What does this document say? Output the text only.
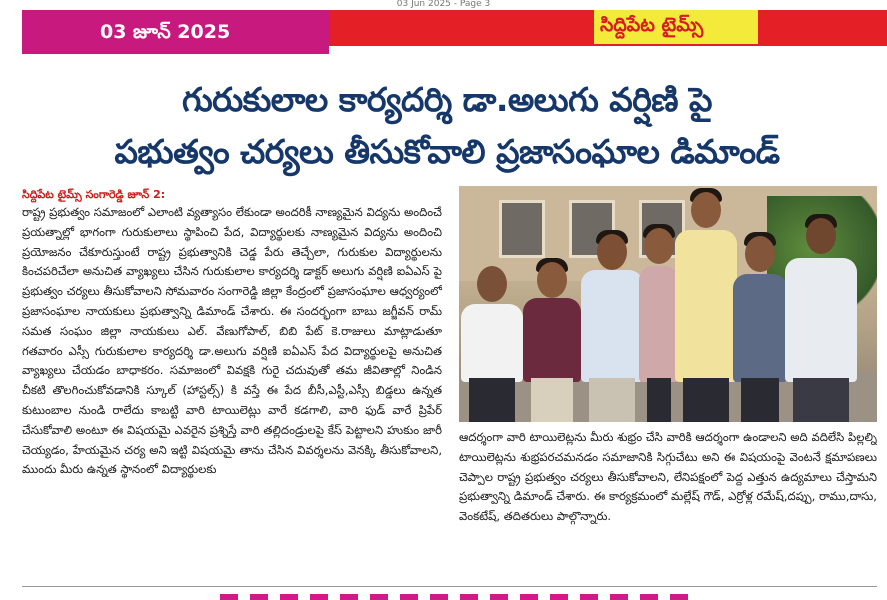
03 Jun 2025 - Page 3
03 జూన్ 2025	సిద్దిపేట టైమ్స్
గురుకులాల కార్యదర్శి డా.అలుగు వర్షిణి పై
పభుత్వం చర్యలు తీసుకోవాలి ప్రజాసంఘాల డిమాండ్
సిద్దిపేట టైమ్స్ సంగారెడ్డి జూన్ 2:

రాష్ట్ర ప్రభుత్వం సమాజంలో ఎలాంటి వ్యత్యాసం లేకుండా అందరికీ నాణ్యమైన విద్యను అందించే ప్రయత్నాల్లో భాగంగా గురుకులాలు స్థాపించి పేద, విద్యార్థులకు నాణ్యమైన విద్యను అందించి ప్రయోజనం చేకూరుస్తుంటే రాష్ట్ర ప్రభుత్వానికి చెడ్డ పేరు తెచ్చేలా, గురుకుల విద్యార్థులను కించపరిచేలా అనుచిత వ్యాఖ్యలు చేసిన గురుకులాల కార్యదర్శి డాక్టర్ అలుగు వర్షిణి ఐఏఎస్ పై ప్రభుత్వం చర్యలు తీసుకోవాలని సోమవారం సంగారెడ్డి జిల్లా కేంద్రంలో ప్రజాసంఘాల ఆధ్వర్యంలో ప్రజాసంఘాల నాయకులు ప్రభుత్వాన్ని డిమాండ్ చేశారు. ఈ సందర్భంగా బాబు జగ్జీవన్ రామ్ సమత సంఘం జిల్లా నాయకులు ఎల్. వేణుగోపాల్, బిబి పేట్ కె.రాజులు మాట్లాడుతూ గతవారం ఎస్సీ గురుకులాల కార్యదర్శి డా.అలుగు వర్షిణి ఐఏఎస్ పేద విద్యార్థులపై అనుచిత వ్యాఖ్యలు చేయడం బాధాకరం. సమాజంలో వివక్షకి గురై చదువుతో తమ జీవితాల్లో నిండిన చీకటి తొలగించుకోవడానికి స్కూల్ (హాస్టల్స్) కి వస్తే ఈ పేద బీసీ,ఎస్టీ,ఎస్సీ బిడ్డలు ఉన్నత కుటుంబాల నుండి రాలేదు కాబట్టి వారి టాయిలెట్లు వారే కడగాలి, వారి ఫుడ్ వారే ప్రిపేర్ చేసుకోవాలి అంటూ ఈ విషయమై ఎవరైన ప్రశ్నిస్తే వారి తల్లిదండ్రులపై కేస్ పెట్టాలని హుకుం జారీ చెయ్యడం, హేయమైన చర్య అని ఇట్టి విషయమై తాను చేసిన వివర్శలను వెనక్కి తీసుకోవాలని, ముందు మీరు ఉన్నత స్థానంలో విద్యార్థులకు

ఆదర్శంగా వారి టాయిలెట్లను మీరు శుభ్రం చేసి వారికి ఆదర్శంగా ఉండాలని అది వదిలేసి పిల్లల్ని టాయిలెట్లను శుభ్రపరచమనడం సమాజానికి సిగ్గుచేటు అని ఈ విషయంపై వెంటనే క్షమాపణలు చెప్పాల రాష్ట్ర ప్రభుత్వం చర్యలు తీసుకోవాలని, లేనిపక్షంలో పెద్ద ఎత్తున ఉద్యమాలు చేస్తామని ప్రభుత్వాన్ని డిమాండ్ చేశారు. ఈ కార్యక్రమంలో మల్లేష్ గౌడ్, ఎర్రోళ్ల రమేష్,దప్పు, రాము,దాసు, వెంకటేష్, తదితరులు పాల్గొన్నారు.
